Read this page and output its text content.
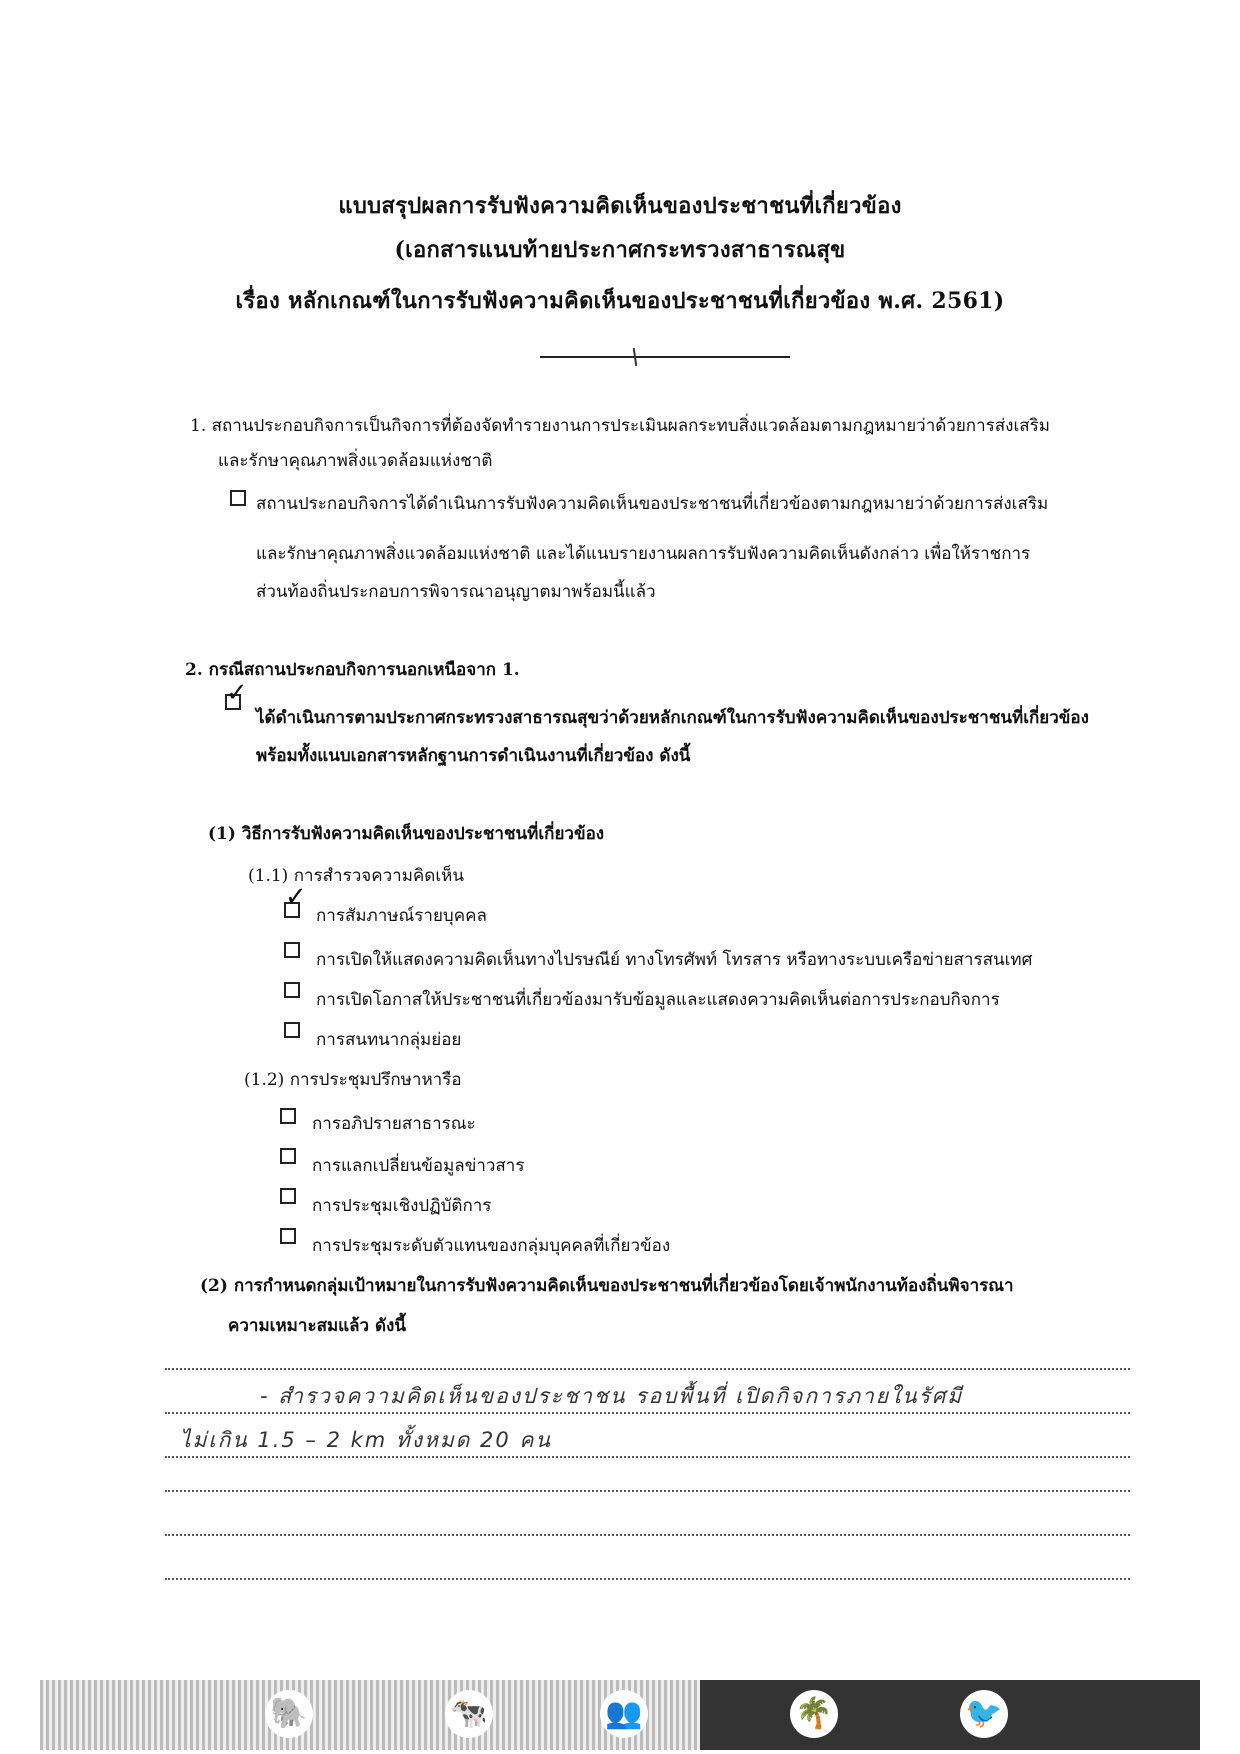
แบบสรุปผลการรับฟังความคิดเห็นของประชาชนที่เกี่ยวข้อง
(เอกสารแนบท้ายประกาศกระทรวงสาธารณสุข
เรื่อง หลักเกณฑ์ในการรับฟังความคิดเห็นของประชาชนที่เกี่ยวข้อง พ.ศ. 2561)
1. สถานประกอบกิจการเป็นกิจการที่ต้องจัดทำรายงานการประเมินผลกระทบสิ่งแวดล้อมตามกฎหมายว่าด้วยการส่งเสริม
และรักษาคุณภาพสิ่งแวดล้อมแห่งชาติ
สถานประกอบกิจการได้ดำเนินการรับฟังความคิดเห็นของประชาชนที่เกี่ยวข้องตามกฎหมายว่าด้วยการส่งเสริม
และรักษาคุณภาพสิ่งแวดล้อมแห่งชาติ และได้แนบรายงานผลการรับฟังความคิดเห็นดังกล่าว เพื่อให้ราชการ
ส่วนท้องถิ่นประกอบการพิจารณาอนุญาตมาพร้อมนี้แล้ว
2. กรณีสถานประกอบกิจการนอกเหนือจาก 1.
✓
ได้ดำเนินการตามประกาศกระทรวงสาธารณสุขว่าด้วยหลักเกณฑ์ในการรับฟังความคิดเห็นของประชาชนที่เกี่ยวข้อง
พร้อมทั้งแนบเอกสารหลักฐานการดำเนินงานที่เกี่ยวข้อง ดังนี้
(1) วิธีการรับฟังความคิดเห็นของประชาชนที่เกี่ยวข้อง
(1.1) การสำรวจความคิดเห็น
✓
การสัมภาษณ์รายบุคคล
การเปิดให้แสดงความคิดเห็นทางไปรษณีย์ ทางโทรศัพท์ โทรสาร หรือทางระบบเครือข่ายสารสนเทศ
การเปิดโอกาสให้ประชาชนที่เกี่ยวข้องมารับข้อมูลและแสดงความคิดเห็นต่อการประกอบกิจการ
การสนทนากลุ่มย่อย
(1.2) การประชุมปรึกษาหารือ
การอภิปรายสาธารณะ
การแลกเปลี่ยนข้อมูลข่าวสาร
การประชุมเชิงปฏิบัติการ
การประชุมระดับตัวแทนของกลุ่มบุคคลที่เกี่ยวข้อง
(2) การกำหนดกลุ่มเป้าหมายในการรับฟังความคิดเห็นของประชาชนที่เกี่ยวข้องโดยเจ้าพนักงานท้องถิ่นพิจารณา
ความเหมาะสมแล้ว ดังนี้
- สำรวจความคิดเห็นของประชาชน รอบพื้นที่ เปิดกิจการภายในรัศมี
ไม่เกิน 1.5 – 2 km ทั้งหมด 20 คน
🐘	🐄	👥	🌴	🐦
